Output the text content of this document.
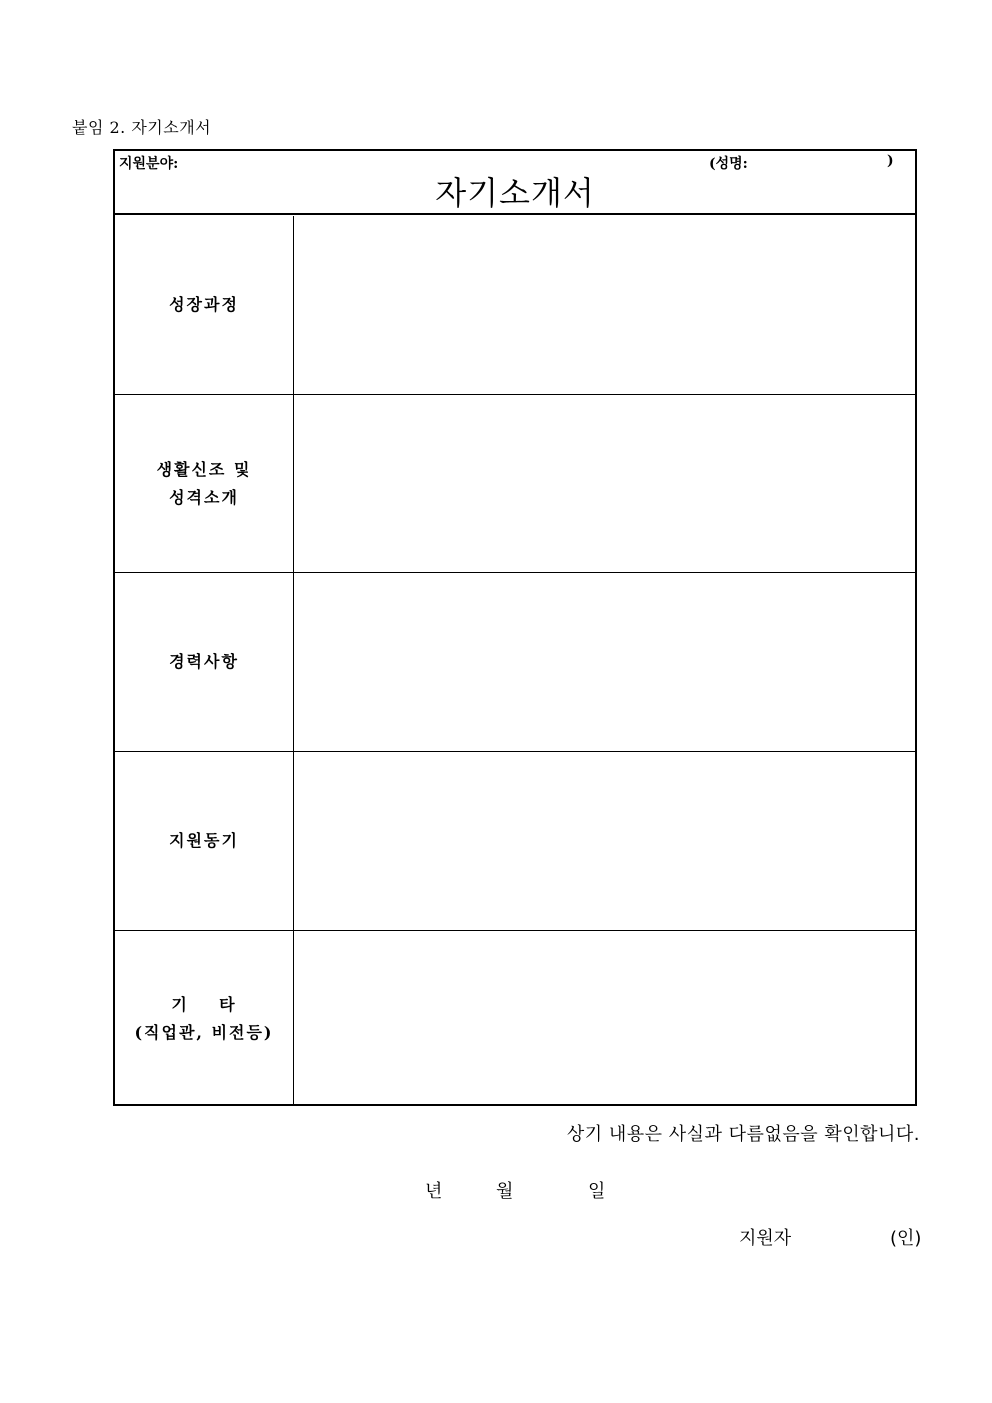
붙임 2. 자기소개서
지원분야:	(성명:	)
자기소개서
성장과정
생활신조 및
성격소개
경력사항
지원동기
기    타
(직업관, 비전등)
상기 내용은 사실과 다름없음을 확인합니다.
년	월	일
지원자	(인)
